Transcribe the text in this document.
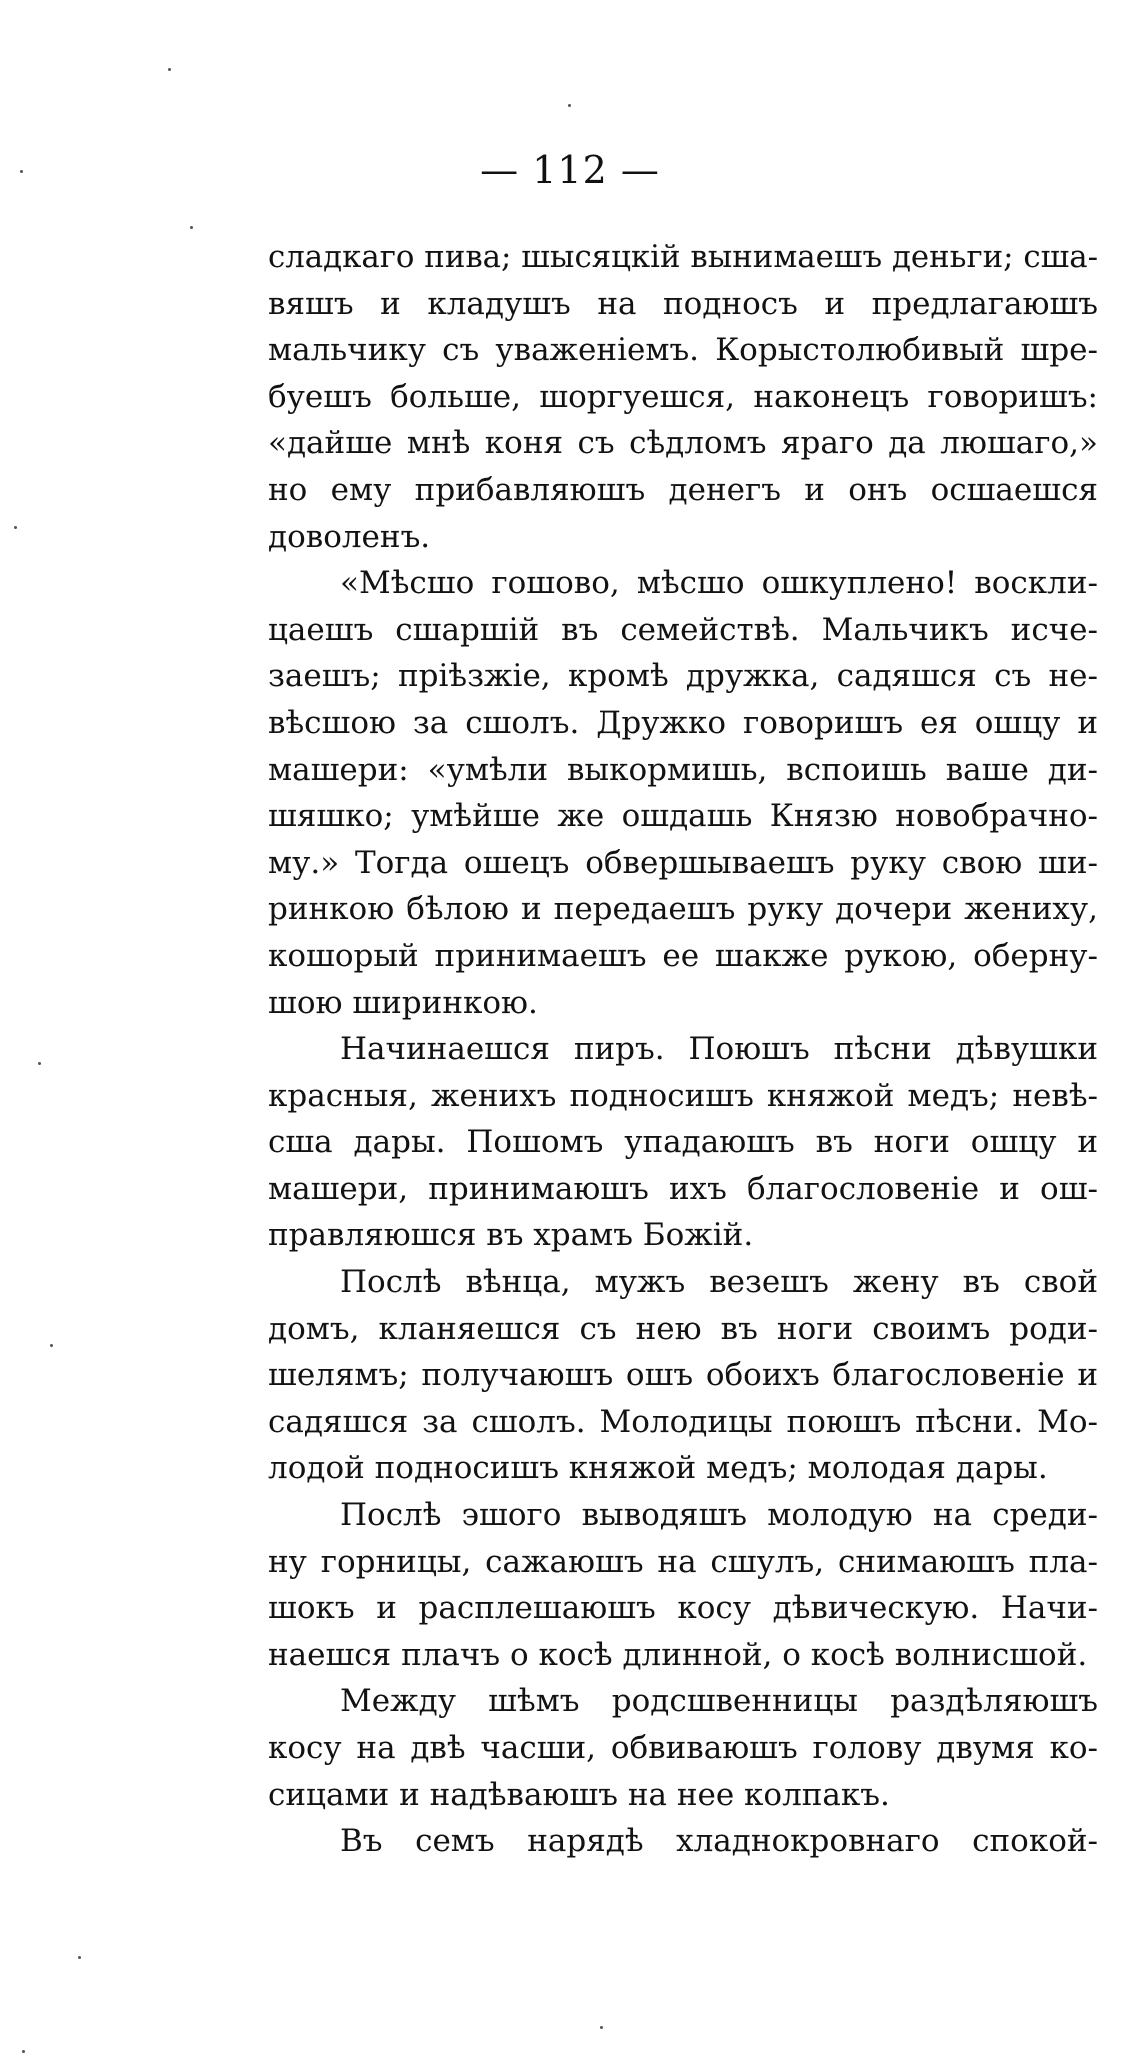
— 112 —
сладкаго пива; шысяцкій вынимаешъ деньги; сша-
вяшъ и кладушъ на подносъ и предлагаюшъ
мальчику съ уваженіемъ. Корыстолюбивый шре-
буешъ больше, шоргуешся, наконецъ говоришъ:
«дайше мнѣ коня съ сѣдломъ яраго да люшаго,»
но ему прибавляюшъ денегъ и онъ осшаешся
доволенъ.
«Мѣсшо гошово, мѣсшо ошкуплено! воскли-
цаешъ сшаршій въ семействѣ. Мальчикъ исче-
заешъ; пріѣзжіе, кромѣ дружка, садяшся съ не-
вѣсшою за сшолъ. Дружко говоришъ ея ошцу и
машери: «умѣли выкормишь, вспоишь ваше ди-
шяшко; умѣйше же ошдашь Князю новобрачно-
му.» Тогда ошецъ обвершываешъ руку свою ши-
ринкою бѣлою и передаешъ руку дочери жениху,
кошорый принимаешъ ее шакже рукою, оберну-
шою ширинкою.
Начинаешся пиръ. Поюшъ пѣсни дѣвушки
красныя, женихъ подносишъ княжой медъ; невѣ-
сша дары. Пошомъ упадаюшъ въ ноги ошцу и
машери, принимаюшъ ихъ благословеніе и ош-
правляюшся въ храмъ Божій.
Послѣ вѣнца, мужъ везешъ жену въ свой
домъ, кланяешся съ нею въ ноги своимъ роди-
шелямъ; получаюшъ ошъ обоихъ благословеніе и
садяшся за сшолъ. Молодицы поюшъ пѣсни. Мо-
лодой подносишъ княжой медъ; молодая дары.
Послѣ эшого выводяшъ молодую на среди-
ну горницы, сажаюшъ на сшулъ, снимаюшъ пла-
шокъ и расплешаюшъ косу дѣвическую. Начи-
наешся плачъ о косѣ длинной, о косѣ волнисшой.
Между шѣмъ родсшвенницы раздѣляюшъ
косу на двѣ часши, обвиваюшъ голову двумя ко-
сицами и надѣваюшъ на нее колпакъ.
Въ семъ нарядѣ хладнокровнаго спокой-
